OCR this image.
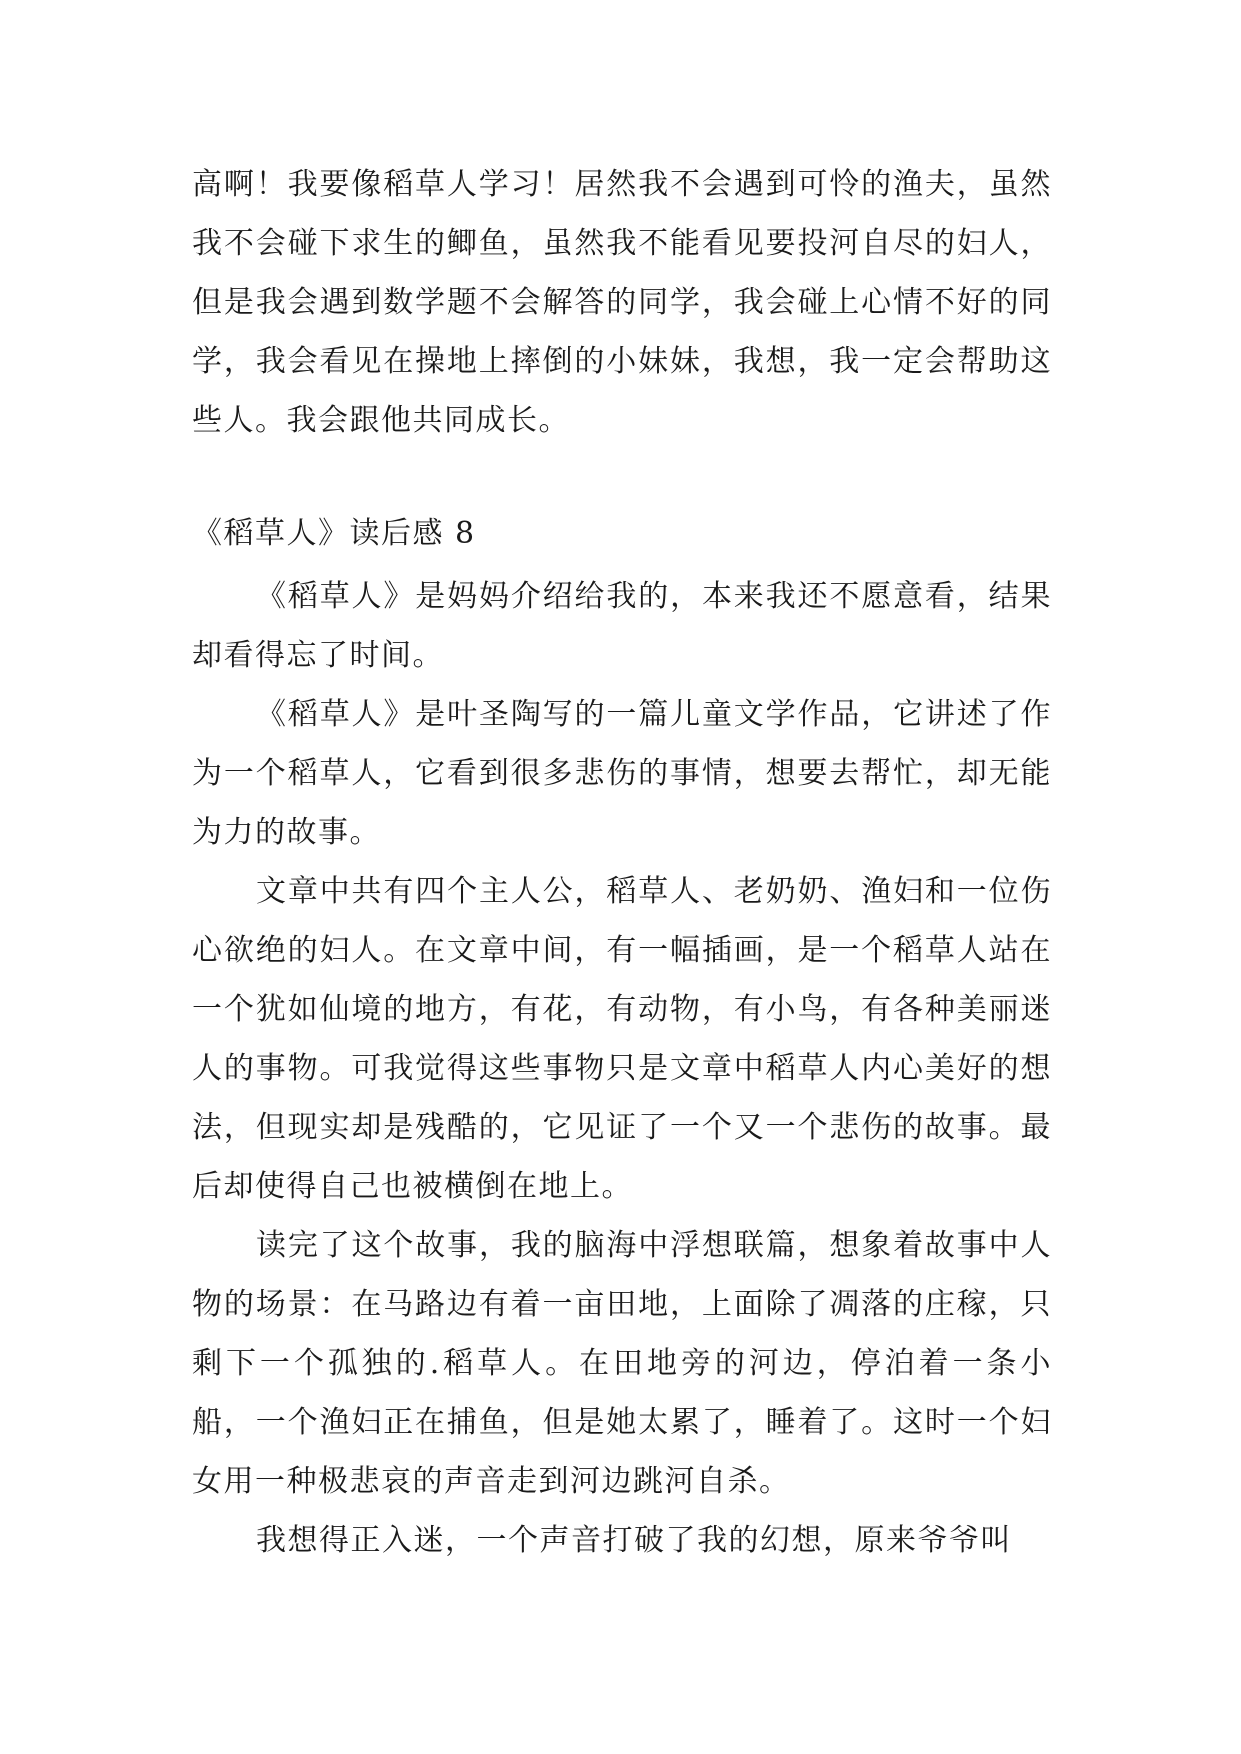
高啊！我要像稻草人学习！居然我不会遇到可怜的渔夫，虽然我不会碰下求生的鲫鱼，虽然我不能看见要投河自尽的妇人，但是我会遇到数学题不会解答的同学，我会碰上心情不好的同学，我会看见在操地上摔倒的小妹妹，我想，我一定会帮助这些人。我会跟他共同成长。

《稻草人》读后感 8

《稻草人》是妈妈介绍给我的，本来我还不愿意看，结果却看得忘了时间。

《稻草人》是叶圣陶写的一篇儿童文学作品，它讲述了作为一个稻草人，它看到很多悲伤的事情，想要去帮忙，却无能为力的故事。

文章中共有四个主人公，稻草人、老奶奶、渔妇和一位伤心欲绝的妇人。在文章中间，有一幅插画，是一个稻草人站在一个犹如仙境的地方，有花，有动物，有小鸟，有各种美丽迷人的事物。可我觉得这些事物只是文章中稻草人内心美好的想法，但现实却是残酷的，它见证了一个又一个悲伤的故事。最后却使得自己也被横倒在地上。

读完了这个故事，我的脑海中浮想联篇，想象着故事中人物的场景：在马路边有着一亩田地，上面除了凋落的庄稼，只剩下一个孤独的.稻草人。在田地旁的河边，停泊着一条小船，一个渔妇正在捕鱼，但是她太累了，睡着了。这时一个妇女用一种极悲哀的声音走到河边跳河自杀。

我想得正入迷，一个声音打破了我的幻想，原来爷爷叫
